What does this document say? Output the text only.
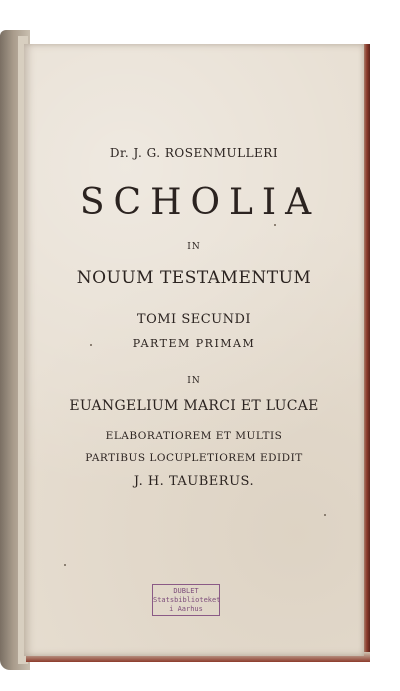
Dr. J. G. ROSENMULLERI
SCHOLIA
IN
NOUUM TESTAMENTUM
TOMI SECUNDI
PARTEM PRIMAM
IN
EUANGELIUM MARCI ET LUCAE
ELABORATIOREM ET MULTIS
PARTIBUS LOCUPLETIOREM EDIDIT
J. H. TAUBERUS.
DUBLET
Statsbiblioteket
i Aarhus
